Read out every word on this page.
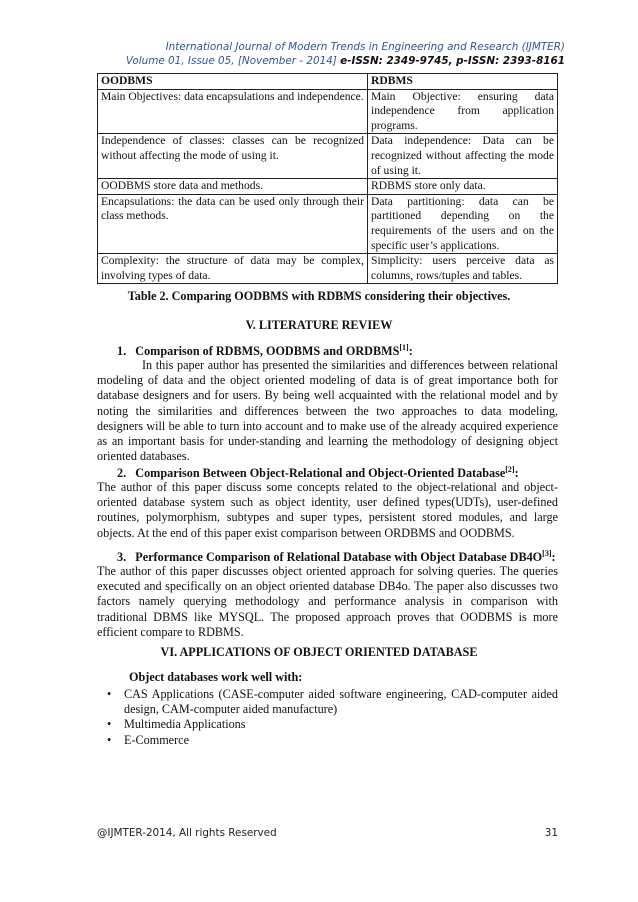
International Journal of Modern Trends in Engineering and Research (IJMTER)
Volume 01, Issue 05, [November - 2014] e-ISSN: 2349-9745, p-ISSN: 2393-8161
OODBMS	RDBMS
Main Objectives: data encapsulations and independence.	Main Objective: ensuring data independence from application programs.
Independence of classes: classes can be recognized without affecting the mode of using it.	Data independence: Data can be recognized without affecting the mode of using it.
OODBMS store data and methods.	RDBMS store only data.
Encapsulations: the data can be used only through their class methods.	Data partitioning: data can be partitioned depending on the requirements of the users and on the specific user’s applications.
Complexity: the structure of data may be complex, involving types of data.	Simplicity: users perceive data as columns, rows/tuples and tables.
Table 2. Comparing OODBMS with RDBMS considering their objectives.
V. LITERATURE REVIEW
1. Comparison of RDBMS, OODBMS and ORDBMS[1]:
In this paper author has presented the similarities and differences between relational modeling of data and the object oriented modeling of data is of great importance both for database designers and for users. By being well acquainted with the relational model and by noting the similarities and differences between the two approaches to data modeling, designers will be able to turn into account and to make use of the already acquired experience as an important basis for under-standing and learning the methodology of designing object oriented databases.
2. Comparison Between Object-Relational and Object-Oriented Database[2]:
The author of this paper discuss some concepts related to the object-relational and object-oriented database system such as object identity, user defined types(UDTs), user-defined routines, polymorphism, subtypes and super types, persistent stored modules, and large objects. At the end of this paper exist comparison between ORDBMS and OODBMS.
3. Performance Comparison of Relational Database with Object Database DB4O[3]:
The author of this paper discusses object oriented approach for solving queries. The queries executed and specifically on an object oriented database DB4o. The paper also discusses two factors namely querying methodology and performance analysis in comparison with traditional DBMS like MYSQL. The proposed approach proves that OODBMS is more efficient compare to RDBMS.
VI. APPLICATIONS OF OBJECT ORIENTED DATABASE
Object databases work well with:
• CAS Applications (CASE-computer aided software engineering, CAD-computer aided design, CAM-computer aided manufacture)
• Multimedia Applications
• E-Commerce
@IJMTER-2014, All rights Reserved	31
